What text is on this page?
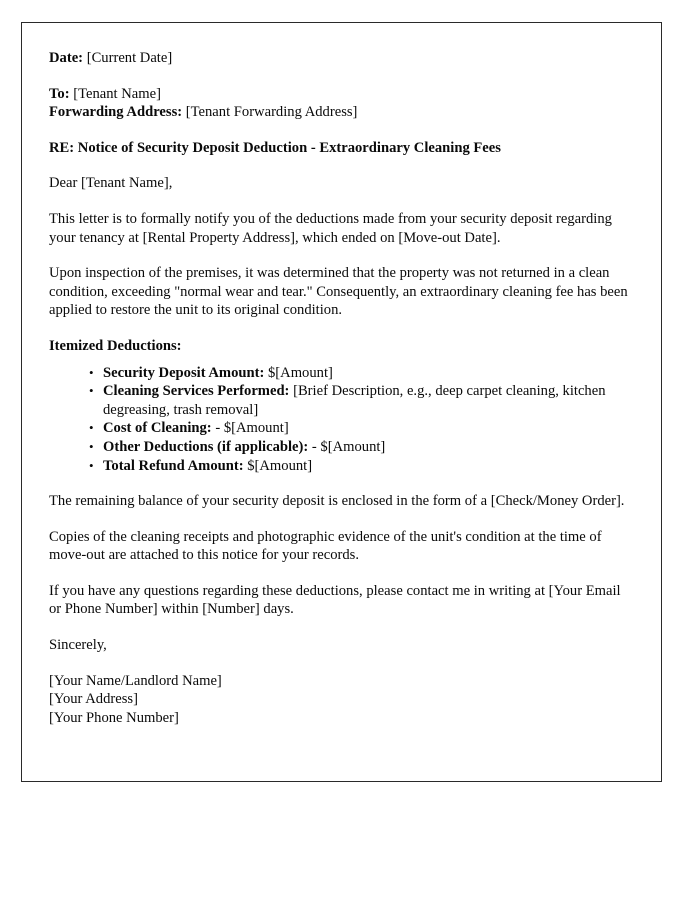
Date: [Current Date]

To: [Tenant Name]

Forwarding Address: [Tenant Forwarding Address]

RE: Notice of Security Deposit Deduction - Extraordinary Cleaning Fees

Dear [Tenant Name],

This letter is to formally notify you of the deductions made from your security deposit regarding your tenancy at [Rental Property Address], which ended on [Move-out Date].

Upon inspection of the premises, it was determined that the property was not returned in a clean condition, exceeding "normal wear and tear." Consequently, an extraordinary cleaning fee has been applied to restore the unit to its original condition.

Itemized Deductions:

• Security Deposit Amount: $[Amount]
• Cleaning Services Performed: [Brief Description, e.g., deep carpet cleaning, kitchen degreasing, trash removal]
• Cost of Cleaning: - $[Amount]
• Other Deductions (if applicable): - $[Amount]
• Total Refund Amount: $[Amount]

The remaining balance of your security deposit is enclosed in the form of a [Check/Money Order].

Copies of the cleaning receipts and photographic evidence of the unit's condition at the time of move-out are attached to this notice for your records.

If you have any questions regarding these deductions, please contact me in writing at [Your Email or Phone Number] within [Number] days.

Sincerely,

[Your Name/Landlord Name]

[Your Address]

[Your Phone Number]
